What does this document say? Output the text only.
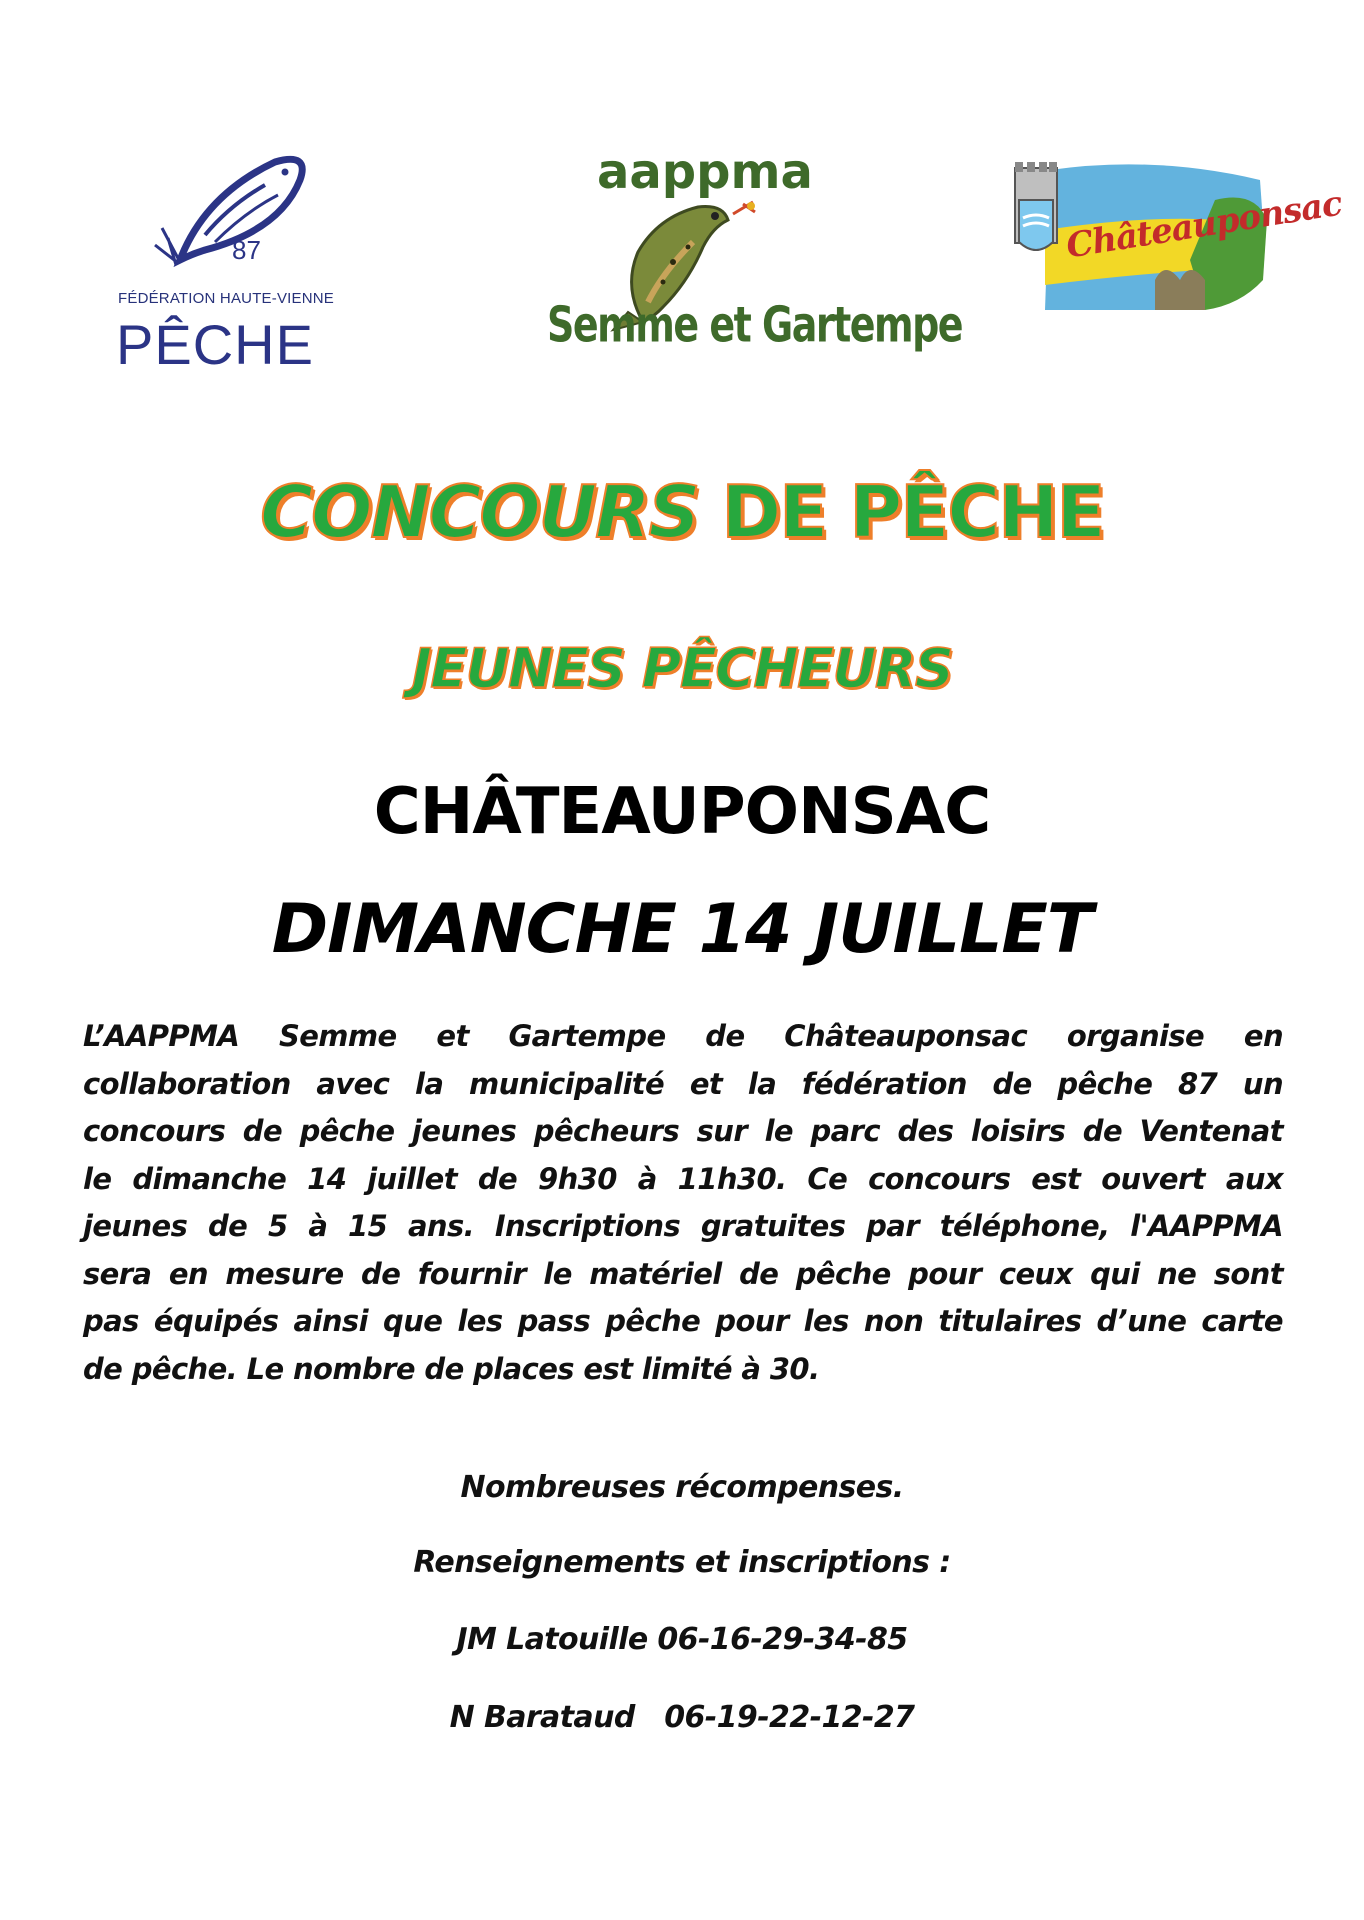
87
FÉDÉRATION HAUTE-VIENNE
PÊCHE
aappma
Semme et Gartempe
Châteauponsac
CONCOURS DE PÊCHE
JEUNES PÊCHEURS
CHÂTEAUPONSAC
DIMANCHE 14 JUILLET
L’AAPPMA Semme et Gartempe de Châteauponsac organise en
collaboration avec la municipalité et la fédération de pêche 87 un
concours de pêche jeunes pêcheurs sur le parc des loisirs de Ventenat
le dimanche 14 juillet de 9h30 à 11h30. Ce concours est ouvert aux
jeunes de 5 à 15 ans. Inscriptions gratuites par téléphone, l'AAPPMA
sera en mesure de fournir le matériel de pêche pour ceux qui ne sont
pas équipés ainsi que les pass pêche pour les non titulaires d’une carte
de pêche. Le nombre de places est limité à 30.
Nombreuses récompenses.
Renseignements et inscriptions :
JM Latouille 06-16-29-34-85
N Barataud   06-19-22-12-27
